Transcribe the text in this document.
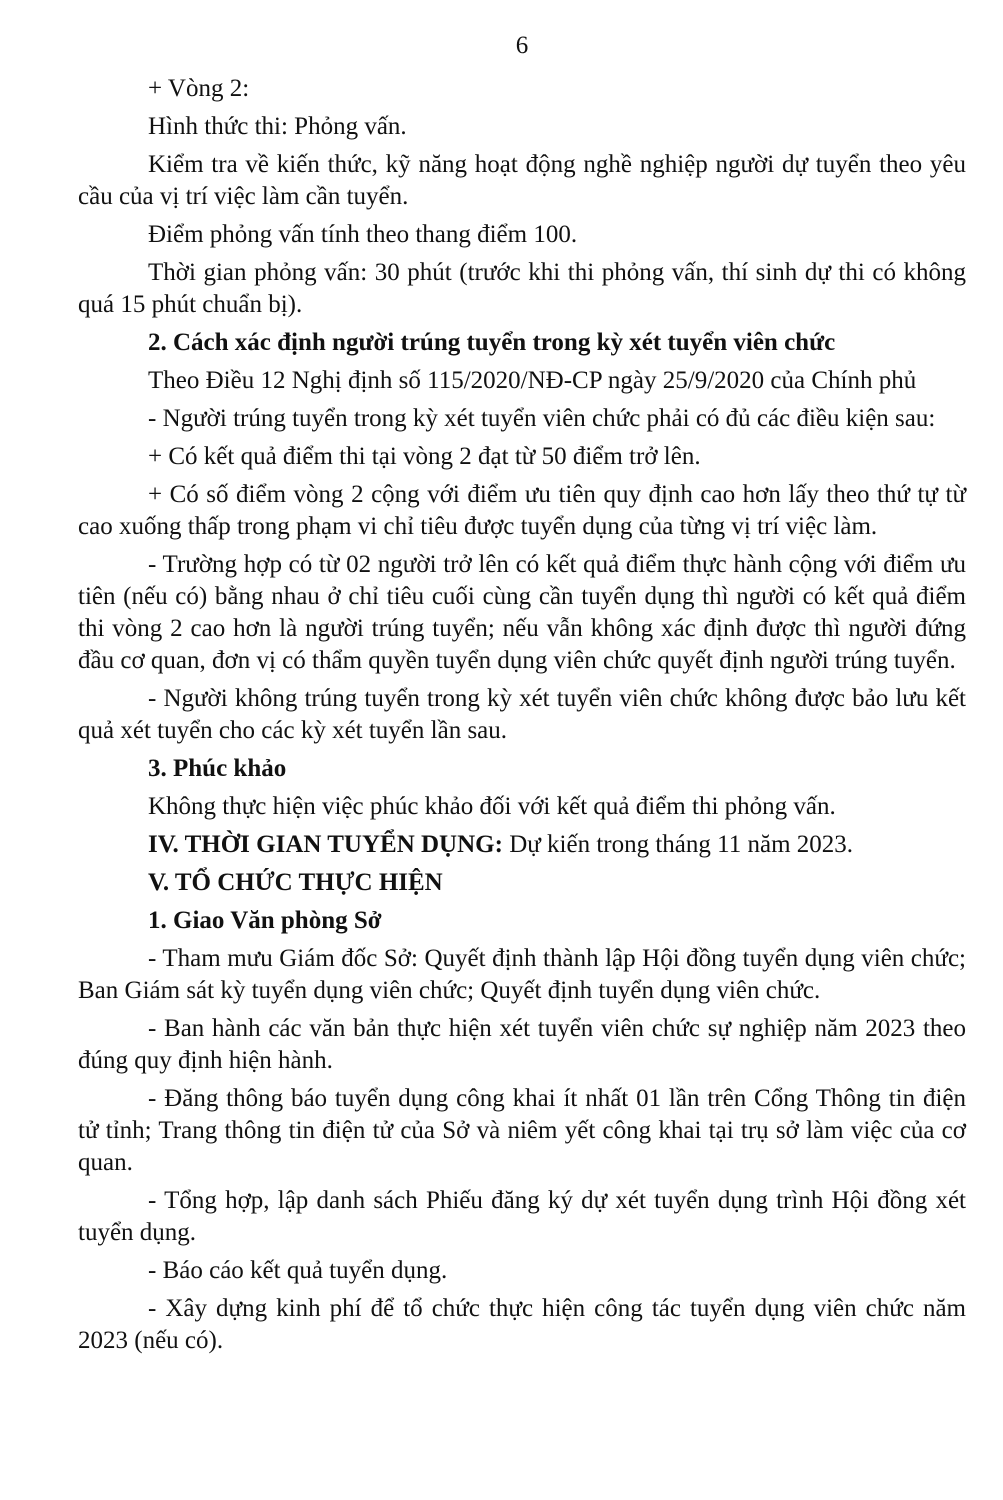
6

+ Vòng 2:

Hình thức thi: Phỏng vấn.

Kiểm tra về kiến thức, kỹ năng hoạt động nghề nghiệp người dự tuyển theo yêu cầu của vị trí việc làm cần tuyển.

Điểm phỏng vấn tính theo thang điểm 100.

Thời gian phỏng vấn: 30 phút (trước khi thi phỏng vấn, thí sinh dự thi có không quá 15 phút chuẩn bị).

2. Cách xác định người trúng tuyển trong kỳ xét tuyển viên chức

Theo Điều 12 Nghị định số 115/2020/NĐ-CP ngày 25/9/2020 của Chính phủ

- Người trúng tuyển trong kỳ xét tuyển viên chức phải có đủ các điều kiện sau:

+ Có kết quả điểm thi tại vòng 2 đạt từ 50 điểm trở lên.

+ Có số điểm vòng 2 cộng với điểm ưu tiên quy định cao hơn lấy theo thứ tự từ cao xuống thấp trong phạm vi chỉ tiêu được tuyển dụng của từng vị trí việc làm.

- Trường hợp có từ 02 người trở lên có kết quả điểm thực hành cộng với điểm ưu tiên (nếu có) bằng nhau ở chỉ tiêu cuối cùng cần tuyển dụng thì người có kết quả điểm thi vòng 2 cao hơn là người trúng tuyển; nếu vẫn không xác định được thì người đứng đầu cơ quan, đơn vị có thẩm quyền tuyển dụng viên chức quyết định người trúng tuyển.

- Người không trúng tuyển trong kỳ xét tuyển viên chức không được bảo lưu kết quả xét tuyển cho các kỳ xét tuyển lần sau.

3. Phúc khảo

Không thực hiện việc phúc khảo đối với kết quả điểm thi phỏng vấn.

IV. THỜI GIAN TUYỂN DỤNG: Dự kiến trong tháng 11 năm 2023.

V. TỔ CHỨC THỰC HIỆN

1. Giao Văn phòng Sở

- Tham mưu Giám đốc Sở: Quyết định thành lập Hội đồng tuyển dụng viên chức; Ban Giám sát kỳ tuyển dụng viên chức; Quyết định tuyển dụng viên chức.

- Ban hành các văn bản thực hiện xét tuyển viên chức sự nghiệp năm 2023 theo đúng quy định hiện hành.

- Đăng thông báo tuyển dụng công khai ít nhất 01 lần trên Cổng Thông tin điện tử tỉnh; Trang thông tin điện tử của Sở và niêm yết công khai tại trụ sở làm việc của cơ quan.

- Tổng hợp, lập danh sách Phiếu đăng ký dự xét tuyển dụng trình Hội đồng xét tuyển dụng.

- Báo cáo kết quả tuyển dụng.

- Xây dựng kinh phí để tổ chức thực hiện công tác tuyển dụng viên chức năm 2023 (nếu có).
